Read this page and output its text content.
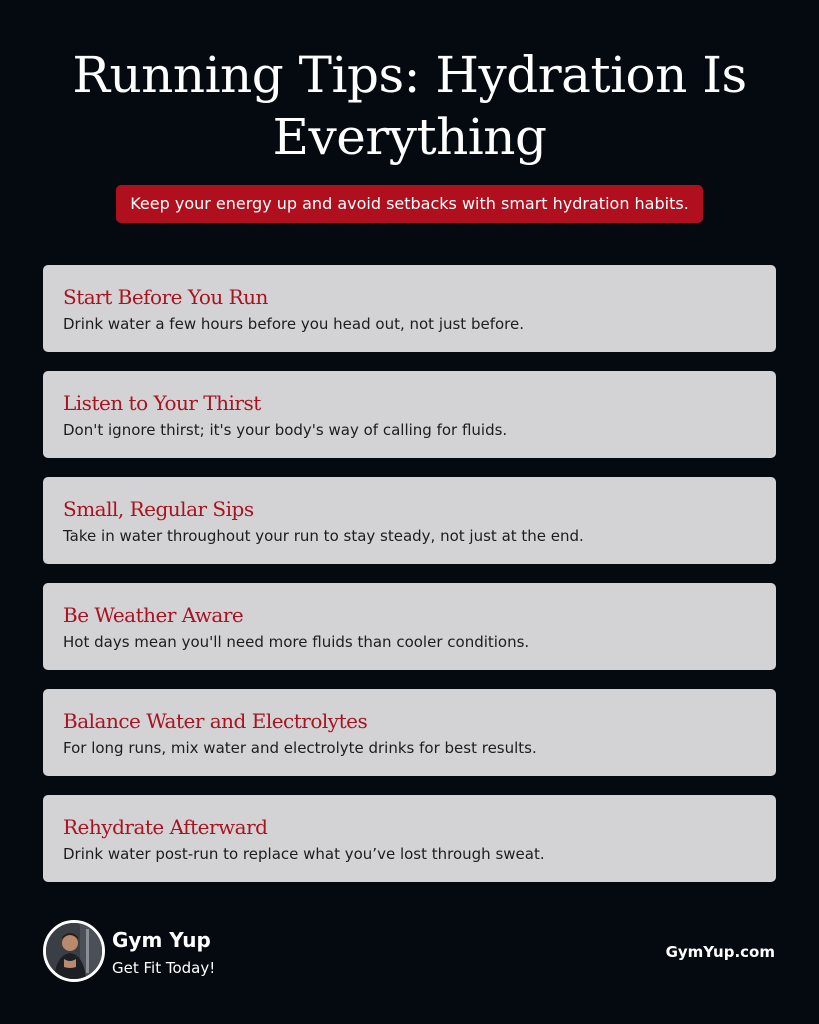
Running Tips: Hydration Is
Everything
Keep your energy up and avoid setbacks with smart hydration habits.
Start Before You Run
Drink water a few hours before you head out, not just before.
Listen to Your Thirst
Don't ignore thirst; it's your body's way of calling for fluids.
Small, Regular Sips
Take in water throughout your run to stay steady, not just at the end.
Be Weather Aware
Hot days mean you'll need more fluids than cooler conditions.
Balance Water and Electrolytes
For long runs, mix water and electrolyte drinks for best results.
Rehydrate Afterward
Drink water post-run to replace what you’ve lost through sweat.
Gym Yup
Get Fit Today!
GymYup.com
